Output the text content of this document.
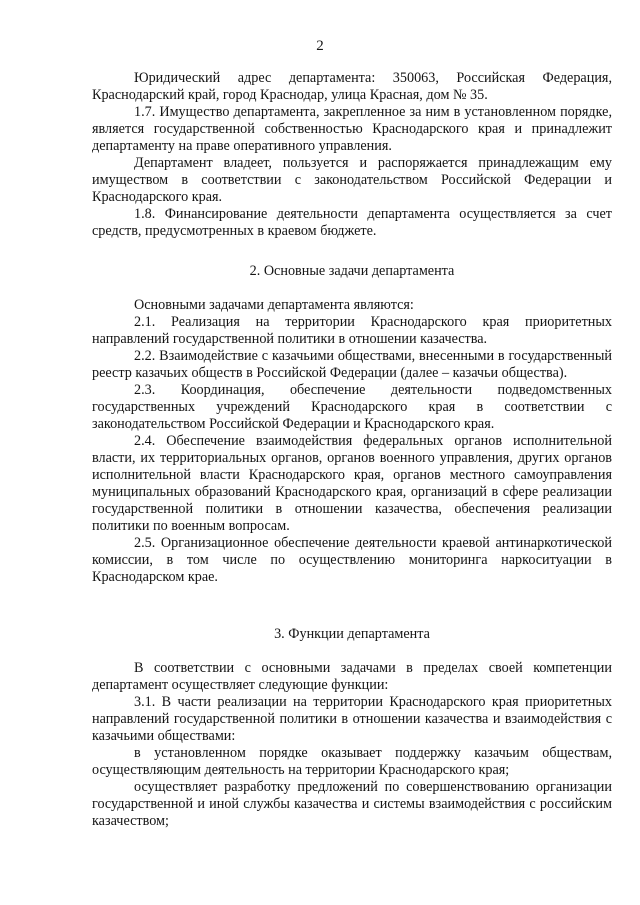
2

Юридический адрес департамента: 350063, Российская Федерация, Краснодарский край, город Краснодар, улица Красная, дом № 35.

1.7. Имущество департамента, закрепленное за ним в установленном порядке, является государственной собственностью Краснодарского края и принадлежит департаменту на праве оперативного управления.

Департамент владеет, пользуется и распоряжается принадлежащим ему имуществом в соответствии с законодательством Российской Федерации и Краснодарского края.

1.8. Финансирование деятельности департамента осуществляется за счет средств, предусмотренных в краевом бюджете.

2. Основные задачи департамента

Основными задачами департамента являются:

2.1. Реализация на территории Краснодарского края приоритетных направлений государственной политики в отношении казачества.

2.2. Взаимодействие с казачьими обществами, внесенными в государственный реестр казачьих обществ в Российской Федерации (далее – казачьи общества).

2.3. Координация, обеспечение деятельности подведомственных государственных учреждений Краснодарского края в соответствии с законодательством Российской Федерации и Краснодарского края.

2.4. Обеспечение взаимодействия федеральных органов исполнительной власти, их территориальных органов, органов военного управления, других органов исполнительной власти Краснодарского края, органов местного самоуправления муниципальных образований Краснодарского края, организаций в сфере реализации государственной политики в отношении казачества, обеспечения реализации политики по военным вопросам.

2.5. Организационное обеспечение деятельности краевой антинаркотической комиссии, в том числе по осуществлению мониторинга наркоситуации в Краснодарском крае.

3. Функции департамента

В соответствии с основными задачами в пределах своей компетенции департамент осуществляет следующие функции:

3.1. В части реализации на территории Краснодарского края приоритетных направлений государственной политики в отношении казачества и взаимодействия с казачьими обществами:

в установленном порядке оказывает поддержку казачьим обществам, осуществляющим деятельность на территории Краснодарского края;

осуществляет разработку предложений по совершенствованию организации государственной и иной службы казачества и системы взаимодействия с российским казачеством;
